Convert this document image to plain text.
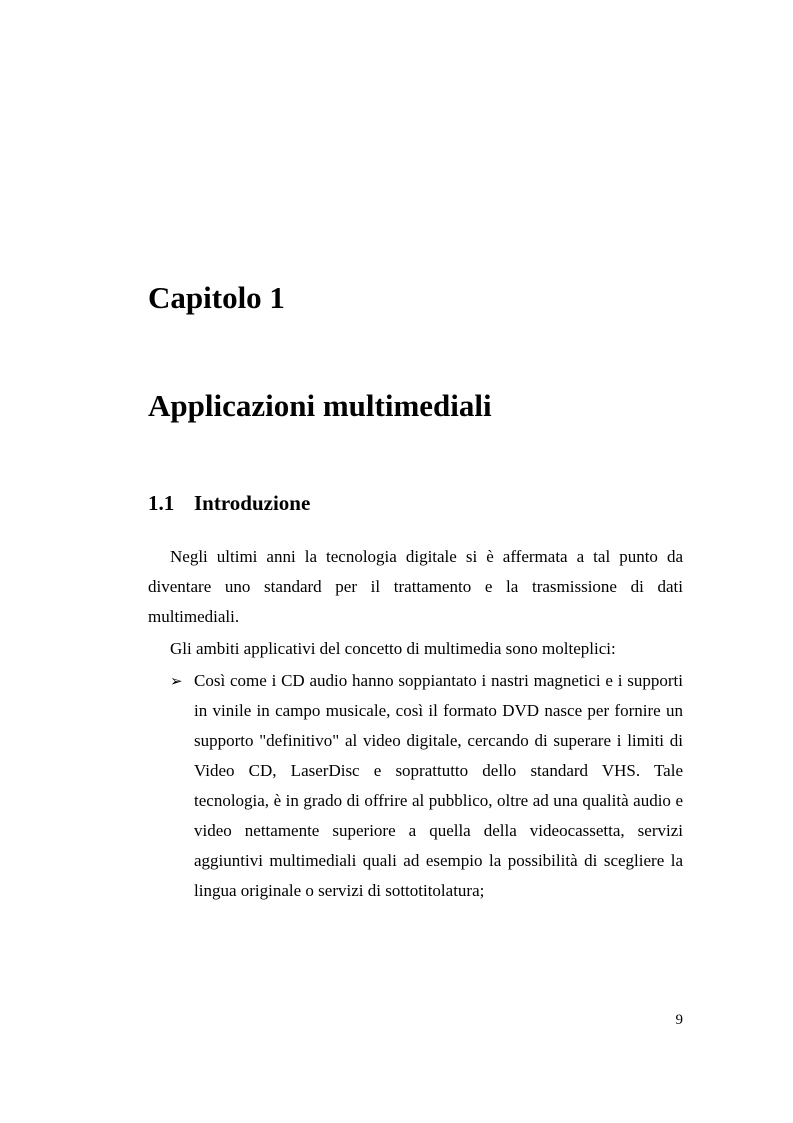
Capitolo 1
Applicazioni multimediali
1.1 Introduzione

Negli ultimi anni la tecnologia digitale si è affermata a tal punto da diventare uno standard per il trattamento e la trasmissione di dati multimediali.

Gli ambiti applicativi del concetto di multimedia sono molteplici:

➢ Così come i CD audio hanno soppiantato i nastri magnetici e i supporti in vinile in campo musicale, così il formato DVD nasce per fornire un supporto "definitivo" al video digitale, cercando di superare i limiti di Video CD, LaserDisc e soprattutto dello standard VHS. Tale tecnologia, è in grado di offrire al pubblico, oltre ad una qualità audio e video nettamente superiore a quella della videocassetta, servizi aggiuntivi multimediali quali ad esempio la possibilità di scegliere la lingua originale o servizi di sottotitolatura;

9
